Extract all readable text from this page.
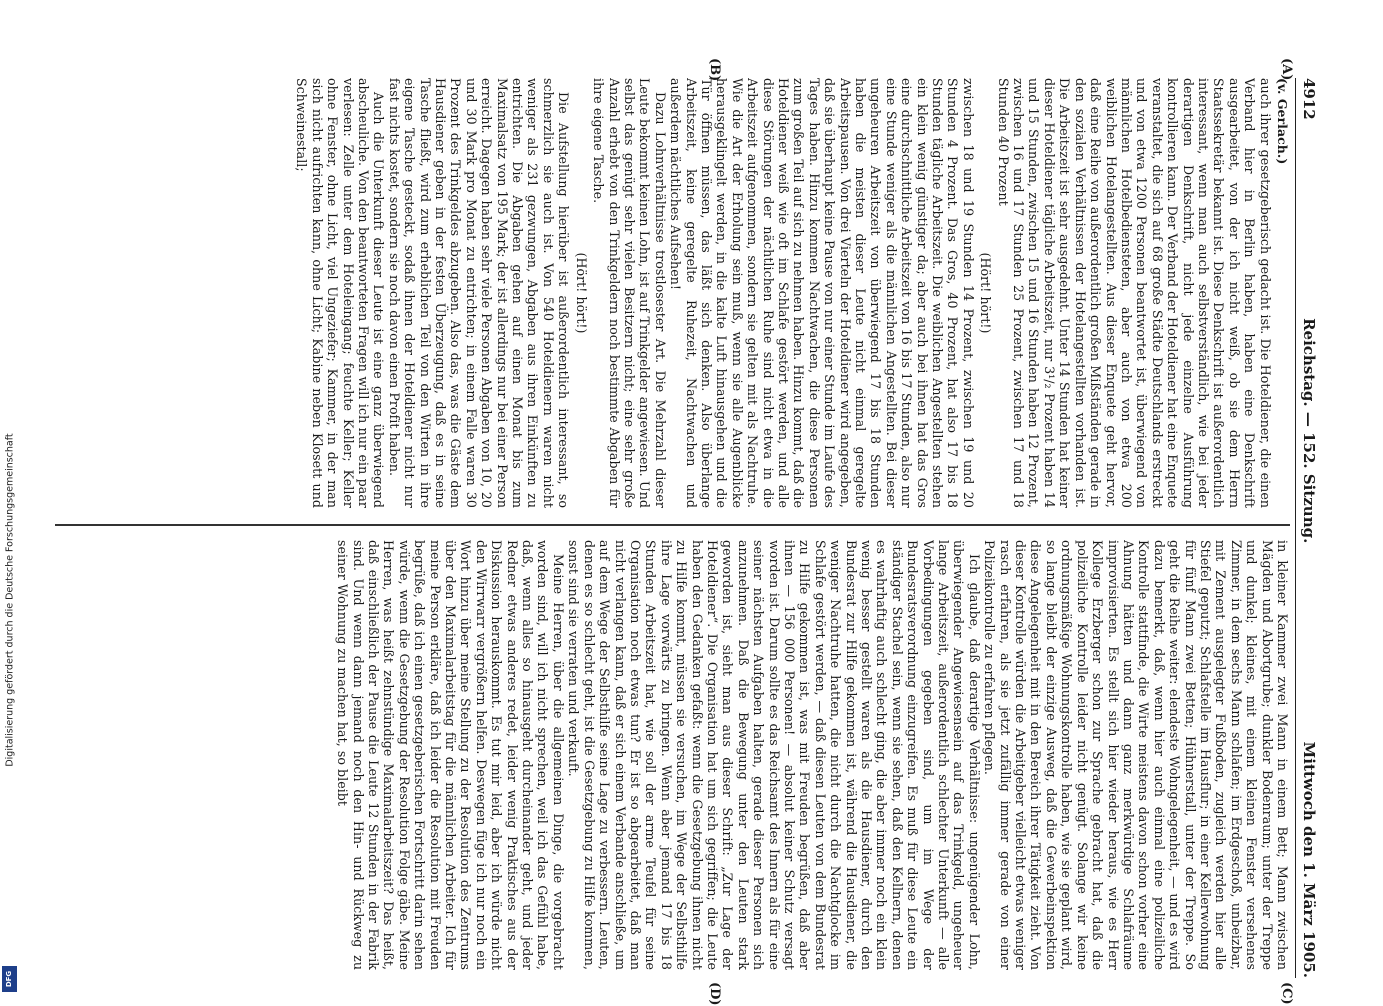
Digitalisierung gefördert durch die Deutsche Forschungsgemeinschaft
DFG
4912
Reichstag. — 152. Sitzung.
Mittwoch den 1. März 1905.
(A)
(B)
(C)
(D)
(v. Gerlach.)

auch ihrer gesetzgeberisch gedacht ist. Die Hoteldiener, die einen Verband hier in Berlin haben, haben eine Denkschrift ausgearbeitet, von der ich nicht weiß, ob sie dem Herrn Staatssekretär bekannt ist. Diese Denkschrift ist außerordentlich interessant, wenn man auch selbstverständlich, wie bei jeder derartigen Denkschrift, nicht jede einzelne Ausführung kontrollieren kann. Der Verband der Hoteldiener hat eine Enquete veranstaltet, die sich auf 68 große Städte Deutschlands erstreckt und von etwa 1200 Personen beantwortet ist, überwiegend von männlichen Hotelbediensteten, aber auch von etwa 200 weiblichen Hotelangestellten. Aus dieser Enquete geht hervor, daß eine Reihe von außerordentlich großen Mißständen gerade in den sozialen Verhältnissen der Hotelangestellten vorhanden ist. Die Arbeitszeit ist sehr ausgedehnt. Unter 14 Stunden hat keiner dieser Hoteldiener tägliche Arbeitszeit, nur 3¹/₂ Prozent haben 14 und 15 Stunden, zwischen 15 und 16 Stunden haben 12 Prozent, zwischen 16 und 17 Stunden 25 Prozent, zwischen 17 und 18 Stunden 40 Prozent

(Hört! hört!)

zwischen 18 und 19 Stunden 14 Prozent, zwischen 19 und 20 Stunden 4 Prozent. Das Gros, 40 Prozent, hat also 17 bis 18 Stunden tägliche Arbeitszeit. Die weiblichen Angestellten stehen ein klein wenig günstiger da; aber auch bei ihnen hat das Gros eine durchschnittliche Arbeitszeit von 16 bis 17 Stunden, also nur eine Stunde weniger als die männlichen Angestellten. Bei dieser ungeheuren Arbeitszeit von überwiegend 17 bis 18 Stunden haben die meisten dieser Leute nicht einmal geregelte Arbeitspausen. Von drei Vierteln der Hoteldiener wird angegeben, daß sie überhaupt keine Pause von nur einer Stunde im Laufe des Tages haben. Hinzu kommen Nachtwachen, die diese Personen zum großen Teil auf sich zu nehmen haben. Hinzu kommt, daß die Hoteldiener weiß wie oft im Schlafe gestört werden, und alle diese Störungen der nächtlichen Ruhe sind nicht etwa in die Arbeitszeit aufgenommen, sondern sie gelten mit als Nachtruhe. Wie die Art der Erholung sein muß, wenn sie alle Augenblicke herausgeklingelt werden, in die kalte Luft hinausgehen und die Tür öffnen müssen, das läßt sich denken. Also überlange Arbeitszeit, keine geregelte Ruhezeit, Nachtwachen und außerdem nächtliches Aufsehen!

Dazu Lohnverhältnisse trostlosester Art. Die Mehrzahl dieser Leute bekommt keinen Lohn, ist auf Trinkgelder angewiesen. Und selbst das genügt sehr vielen Besitzern nicht; eine sehr große Anzahl erhebt von den Trinkgeldern noch bestimmte Abgaben für ihre eigene Tasche.

(Hört! hört!)

Die Aufstellung hierüber ist außerordentlich interessant, so schmerzlich sie auch ist. Von 540 Hoteldienern waren nicht weniger als 231 gezwungen, Abgaben aus ihren Einkünften zu entrichten. Die Abgaben gehen auf einen Monat bis zum Maximalsatz von 195 Mark; der ist allerdings nur bei einer Person erreicht. Dagegen haben sehr viele Personen Abgaben von 10, 20 und 30 Mark pro Monat zu entrichten; in einem Falle waren 30 Prozent des Trinkgeldes abzugeben. Also das, was die Gäste dem Hausdiener geben in der festen Überzeugung, daß es in seine Tasche fließt, wird zum erheblichen Teil von den Wirten in ihre eigene Tasche gesteckt, sodaß ihnen der Hoteldiener nicht nur fast nichts kostet, sondern sie noch davon einen Profit haben.

Auch die Unterkunft dieser Leute ist eine ganz überwiegend abscheuliche. Von den beantworteten Fragen will ich nur ein paar verlesen: Zelle unter dem Hoteleingang; feuchte Keller; Keller ohne Fenster, ohne Licht, viel Ungeziefer; Kammer, in der man sich nicht aufrichten kann, ohne Licht; Kabine neben Klosett und Schweinestall;

in kleiner Kammer zwei Mann in einem Bett; Mann zwischen Mägden und Abortgrube; dunkler Bodenraum; unter der Treppe und dunkel; kleines, mit einem kleinen Fenster versehenes Zimmer, in dem sechs Mann schlafen; im Erdgeschoß, unbeizbar, mit Zement ausgelegter Fußboden, zugleich werden hier alle Stiefel geputzt; Schlafstelle im Hausflur; in einer Kellerwohnung für fünf Mann zwei Betten; Hühnerstall, unter der Treppe. So geht die Reihe weiter: elendeste Wohngelegenheit, — und es wird dazu bemerkt, daß, wenn hier auch einmal eine polizeiliche Kontrolle stattfinde, die Wirte meistens davon schon vorher eine Ahnung hätten und dann ganz merkwürdige Schlafräume improvisierten. Es stellt sich hier wieder heraus, wie es Herr Kollege Erzberger schon zur Sprache gebracht hat, daß die polizeiliche Kontrolle leider nicht genügt. Solange wir keine ordnungsmäßige Wohnungskontrolle haben, wie sie geplant wird, so lange bleibt der einzige Ausweg, daß die Gewerbeinspektion diese Angelegenheit mit in den Bereich ihrer Tätigkeit zieht. Von dieser Kontrolle würden die Arbeitgeber vielleicht etwas weniger rasch erfahren, als sie jetzt zufällig immer gerade von einer Polizeikontrolle zu erfahren pflegen.

Ich glaube, daß derartige Verhältnisse: ungenügender Lohn, überwiegender Angewiesensein auf das Trinkgeld, ungeheuer lange Arbeitszeit, außerordentlich schlechter Unterkunft — alle Vorbedingungen gegeben sind, um im Wege der Bundesratsverordnung einzugreifen. Es muß für diese Leute ein ständiger Stachel sein, wenn sie sehen, daß den Kellnern, denen es wahrhaftig auch schlecht ging, die aber immer noch ein klein wenig besser gestellt waren als die Hausdiener, durch den Bundesrat zur Hilfe gekommen ist, während die Hausdiener, die weniger Nachtruhe hatten, die nicht durch die Nachtglocke im Schlafe gestört werden, — daß diesen Leuten von dem Bundesrat zu Hilfe gekommen ist, was mit Freuden begrüßen, daß aber ihnen — 156 000 Personen! — absolut keiner Schutz versagt worden ist. Darum sollte es das Reichsamt des Innern als für eine seiner nächsten Aufgaben halten, gerade dieser Personen sich anzunehmen. Daß die Bewegung unter den Leuten stark geworden ist, sieht man aus dieser Schrift: „Zur Lage der Hoteldiener“. Die Organisation hat um sich gegriffen; die Leute haben den Gedanken gefaßt: wenn die Gesetzgebung ihnen nicht zu Hilfe kommt, müssen sie versuchen, im Wege der Selbsthilfe ihre Lage vorwärts zu bringen. Wenn aber jemand 17 bis 18 Stunden Arbeitszeit hat, wie soll der arme Teufel für seine Organisation noch etwas tun? Er ist so abgearbeitet, daß man nicht verlangen kann, daß er sich einem Verbande anschließe, um auf dem Wege der Selbsthilfe seine Lage zu verbessern. Leuten, denen es so schlecht geht, ist die Gesetzgebung zu Hilfe kommen, sonst sind sie verraten und verkauft.

Meine Herren, über die allgemeinen Dinge, die vorgebracht worden sind, will ich nicht sprechen, weil ich das Gefühl habe, daß, wenn alles so hinausgeht durcheinander geht, und jeder Redner etwas anderes redet, leider wenig Praktisches aus der Diskussion herauskommt. Es tut mir leid, aber ich würde nicht den Wirrwarr vergrößern helfen. Deswegen füge ich nur noch ein Wort hinzu über meine Stellung zu der Resolution des Zentrums über den Maximalarbeitstag für die männlichen Arbeiter. Ich für meine Person erkläre, daß ich leider die Resolution mit Freuden begrüße, daß ich einen gesetzgeberischen Fortschritt darin sehen würde, wenn die Gesetzgebung der Resolution Folge gäbe. Meine Herren, was heißt zehnstündige Maximalarbeitszeit? Das heißt, daß einschließlich der Pause die Leute 12 Stunden in der Fabrik sind. Und wenn dann jemand noch den Hin- und Rückweg zu seiner Wohnung zu machen hat, so bleibt
